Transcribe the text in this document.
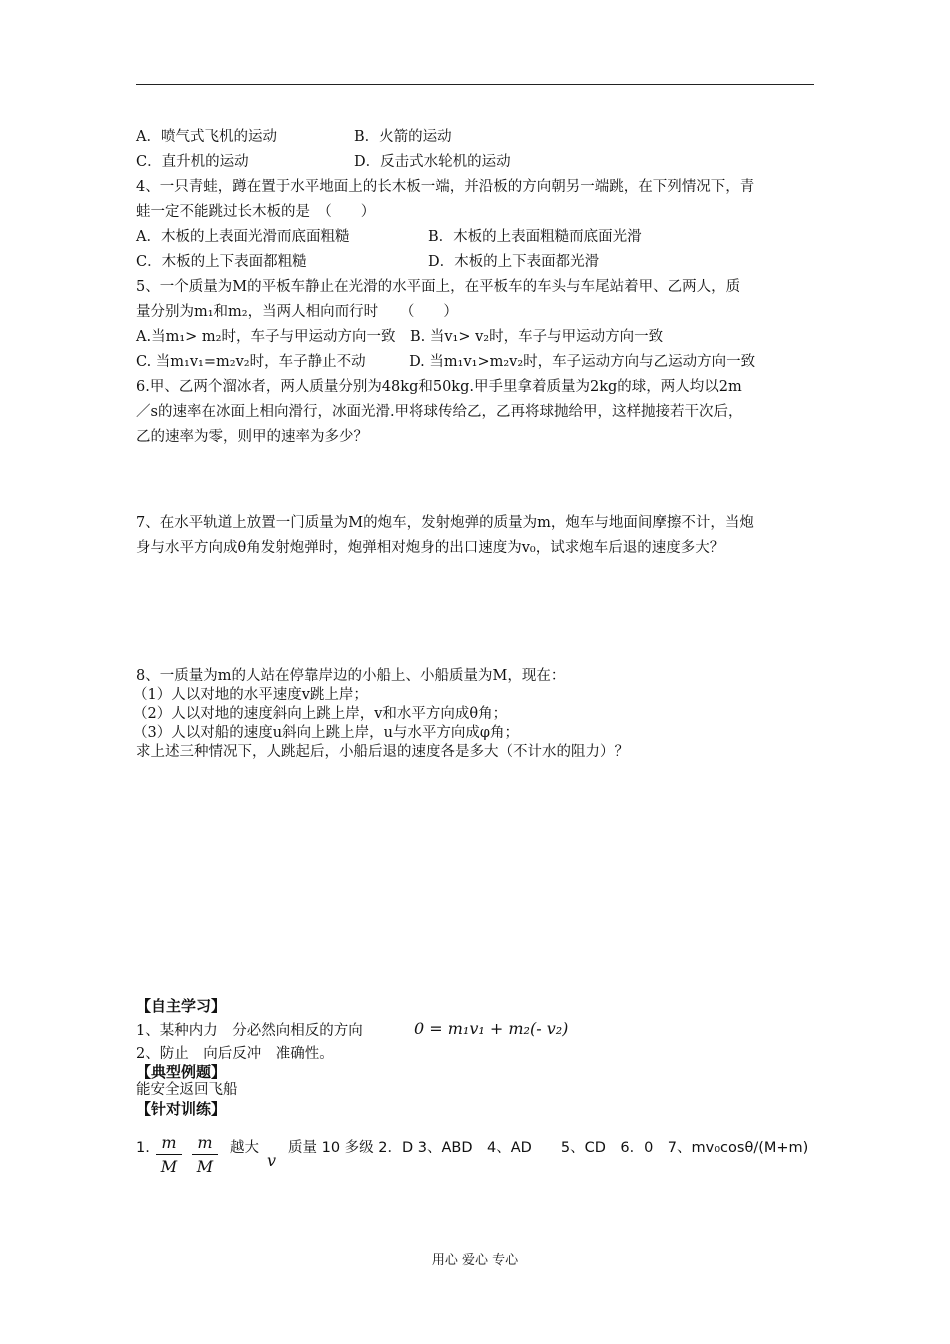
A．喷气式飞机的运动	B．火箭的运动
C．直升机的运动	D．反击式水轮机的运动
4、一只青蛙，蹲在置于水平地面上的长木板一端，并沿板的方向朝另一端跳，在下列情况下，青
蛙一定不能跳过长木板的是　（　　）
A．木板的上表面光滑而底面粗糙	B．木板的上表面粗糙而底面光滑
C．木板的上下表面都粗糙	D．木板的上下表面都光滑
5、一个质量为M的平板车静止在光滑的水平面上，在平板车的车头与车尾站着甲、乙两人，质
量分别为m₁和m₂，当两人相向而行时　　（　　）
A.当m₁> m₂时，车子与甲运动方向一致　B. 当v₁> v₂时，车子与甲运动方向一致
C. 当m₁v₁=m₂v₂时，车子静止不动　　　D. 当m₁v₁>m₂v₂时，车子运动方向与乙运动方向一致
6.甲、乙两个溜冰者，两人质量分别为48kg和50kg.甲手里拿着质量为2kg的球，两人均以2m
／s的速率在冰面上相向滑行，冰面光滑.甲将球传给乙，乙再将球抛给甲，这样抛接若干次后，
乙的速率为零，则甲的速率为多少？
7、在水平轨道上放置一门质量为M的炮车，发射炮弹的质量为m，炮车与地面间摩擦不计，当炮
身与水平方向成θ角发射炮弹时，炮弹相对炮身的出口速度为v₀，试求炮车后退的速度多大？
8、一质量为m的人站在停靠岸边的小船上、小船质量为M，现在：
（1）人以对地的水平速度v跳上岸；
（2）人以对地的速度斜向上跳上岸，v和水平方向成θ角；
（3）人以对船的速度u斜向上跳上岸，u与水平方向成φ角；
求上述三种情况下，人跳起后，小船后退的速度各是多大（不计水的阻力）？
【自主学习】
1、某种内力　分必然向相反的方向	0 = m₁v₁ + m₂(- v₂)
2、防止　向后反冲　准确性。
【典型例题】
能安全返回飞船
【针对训练】
1. m
M
m
M
越大
v
质量 10 多级 2．D 3、ABD　4、AD　　5、CD　6．0　7、mv₀cosθ/(M+m)
用心 爱心 专心
